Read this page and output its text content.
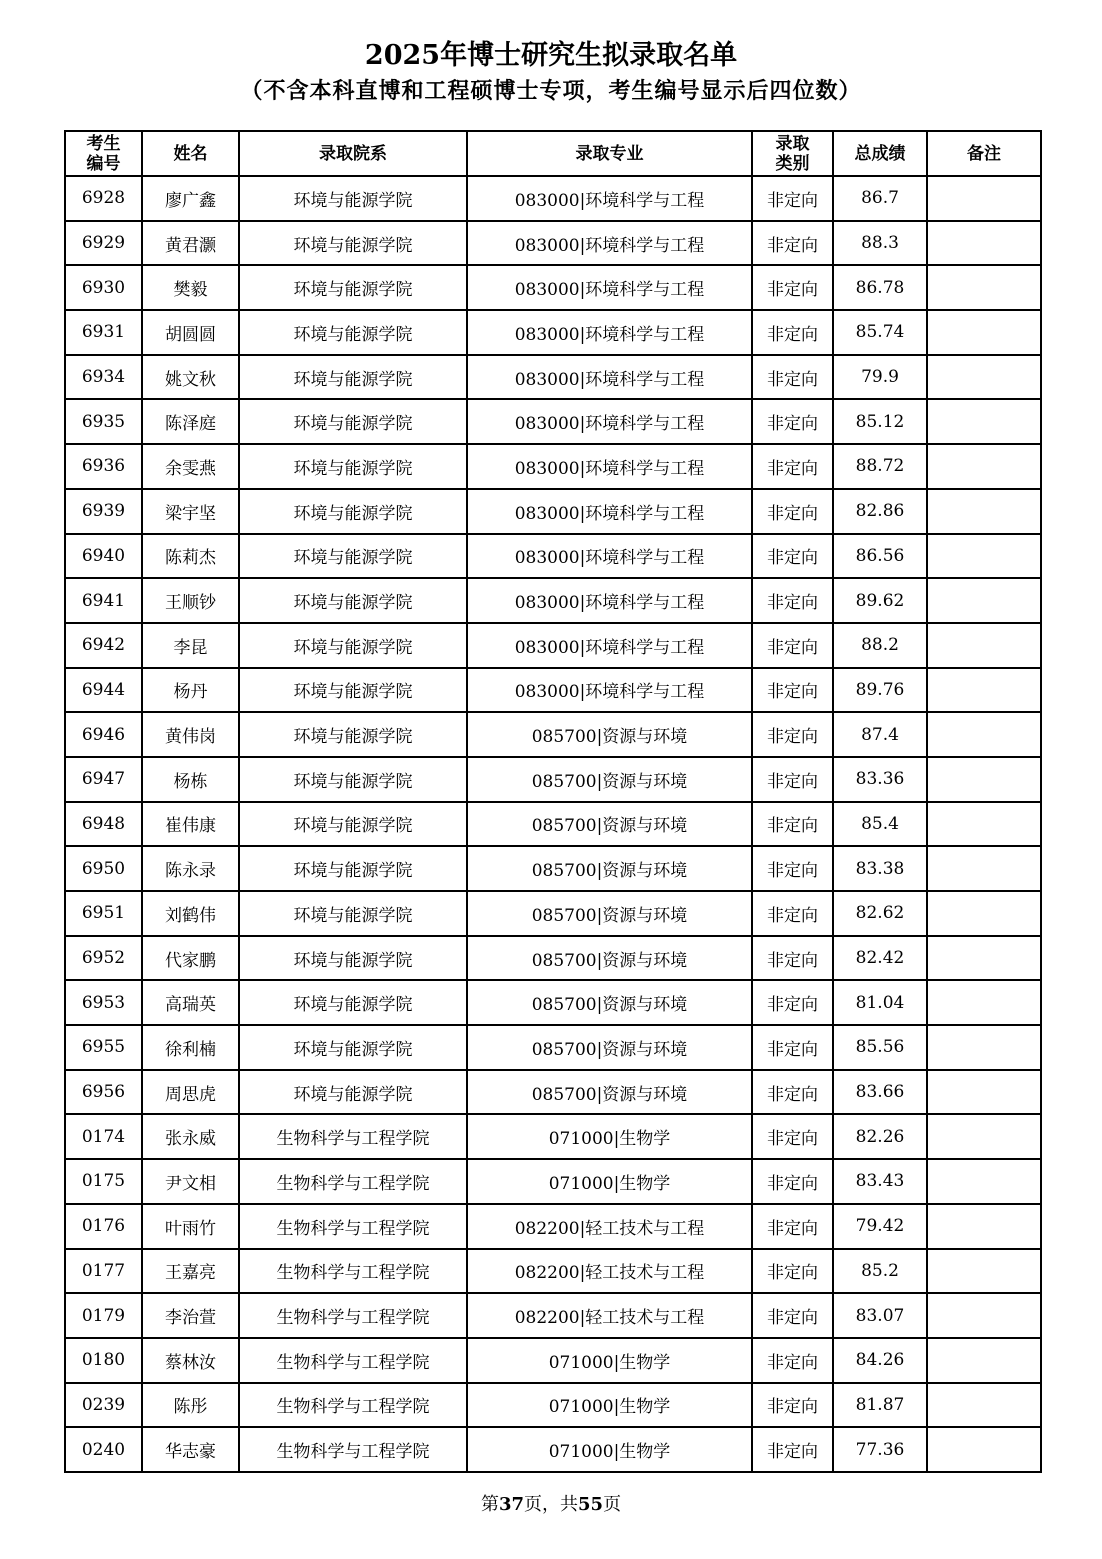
2025年博士研究生拟录取名单
（不含本科直博和工程硕博士专项，考生编号显示后四位数）
考生
编号	姓名	录取院系	录取专业	录取
类别	总成绩	备注
6928	廖广鑫	环境与能源学院	083000|环境科学与工程	非定向	86.7	
6929	黄君灏	环境与能源学院	083000|环境科学与工程	非定向	88.3	
6930	樊毅	环境与能源学院	083000|环境科学与工程	非定向	86.78	
6931	胡圆圆	环境与能源学院	083000|环境科学与工程	非定向	85.74	
6934	姚文秋	环境与能源学院	083000|环境科学与工程	非定向	79.9	
6935	陈泽庭	环境与能源学院	083000|环境科学与工程	非定向	85.12	
6936	余雯燕	环境与能源学院	083000|环境科学与工程	非定向	88.72	
6939	梁宇坚	环境与能源学院	083000|环境科学与工程	非定向	82.86	
6940	陈莉杰	环境与能源学院	083000|环境科学与工程	非定向	86.56	
6941	王顺钞	环境与能源学院	083000|环境科学与工程	非定向	89.62	
6942	李昆	环境与能源学院	083000|环境科学与工程	非定向	88.2	
6944	杨丹	环境与能源学院	083000|环境科学与工程	非定向	89.76	
6946	黄伟岗	环境与能源学院	085700|资源与环境	非定向	87.4	
6947	杨栋	环境与能源学院	085700|资源与环境	非定向	83.36	
6948	崔伟康	环境与能源学院	085700|资源与环境	非定向	85.4	
6950	陈永录	环境与能源学院	085700|资源与环境	非定向	83.38	
6951	刘鹤伟	环境与能源学院	085700|资源与环境	非定向	82.62	
6952	代家鹏	环境与能源学院	085700|资源与环境	非定向	82.42	
6953	高瑞英	环境与能源学院	085700|资源与环境	非定向	81.04	
6955	徐利楠	环境与能源学院	085700|资源与环境	非定向	85.56	
6956	周思虎	环境与能源学院	085700|资源与环境	非定向	83.66	
0174	张永威	生物科学与工程学院	071000|生物学	非定向	82.26	
0175	尹文相	生物科学与工程学院	071000|生物学	非定向	83.43	
0176	叶雨竹	生物科学与工程学院	082200|轻工技术与工程	非定向	79.42	
0177	王嘉亮	生物科学与工程学院	082200|轻工技术与工程	非定向	85.2	
0179	李治萱	生物科学与工程学院	082200|轻工技术与工程	非定向	83.07	
0180	蔡林汝	生物科学与工程学院	071000|生物学	非定向	84.26	
0239	陈彤	生物科学与工程学院	071000|生物学	非定向	81.87	
0240	华志豪	生物科学与工程学院	071000|生物学	非定向	77.36	
第37页，共55页
